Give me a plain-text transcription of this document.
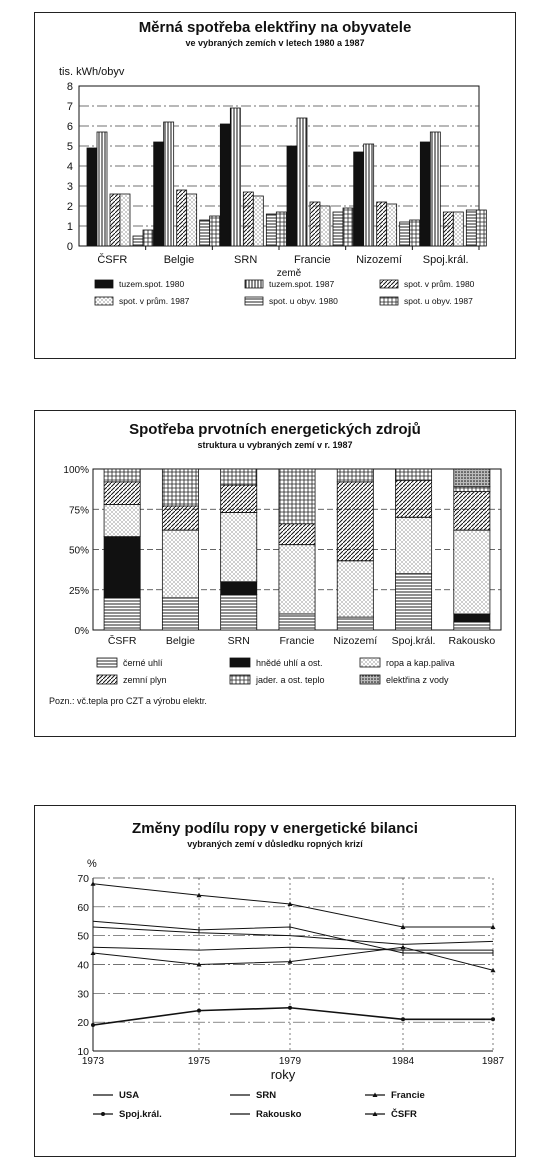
Měrná spotřeba elektřiny na obyvatele
ve vybraných zemích v letech 1980 a 1987
tis. kWh/obyv
0
1
2
3
4
5
6
7
8
ČSFR	Belgie	SRN	Francie Nizozemí Spoj.král.
země
tuzem.spot. 1980	tuzem.spot. 1987	spot. v prům. 1980
spot. v prům. 1987	spot. u obyv. 1980	spot. u obyv. 1987
Spotřeba prvotních energetických zdrojů
struktura u vybraných zemí v r. 1987
Pozn.: vč.tepla pro CZT a výrobu elektr.
0%
25%
50%
75%
100%
ČSFR	Belgie	SRN	Francie Nizozemí Spoj.král. Rakousko
černé uhlí	hnědé uhlí a ost.	ropa a kap.paliva
zemní plyn	jader. a ost. teplo	elektřina z vody
Změny podílu ropy v energetické bilanci
vybraných zemí v důsledku ropných krizí
%
10
20
30
40
50
60
70
1973	1975	1979	1984	1987
roky
USA	SRN	Francie
Spoj.král.	Rakousko	ČSFR
